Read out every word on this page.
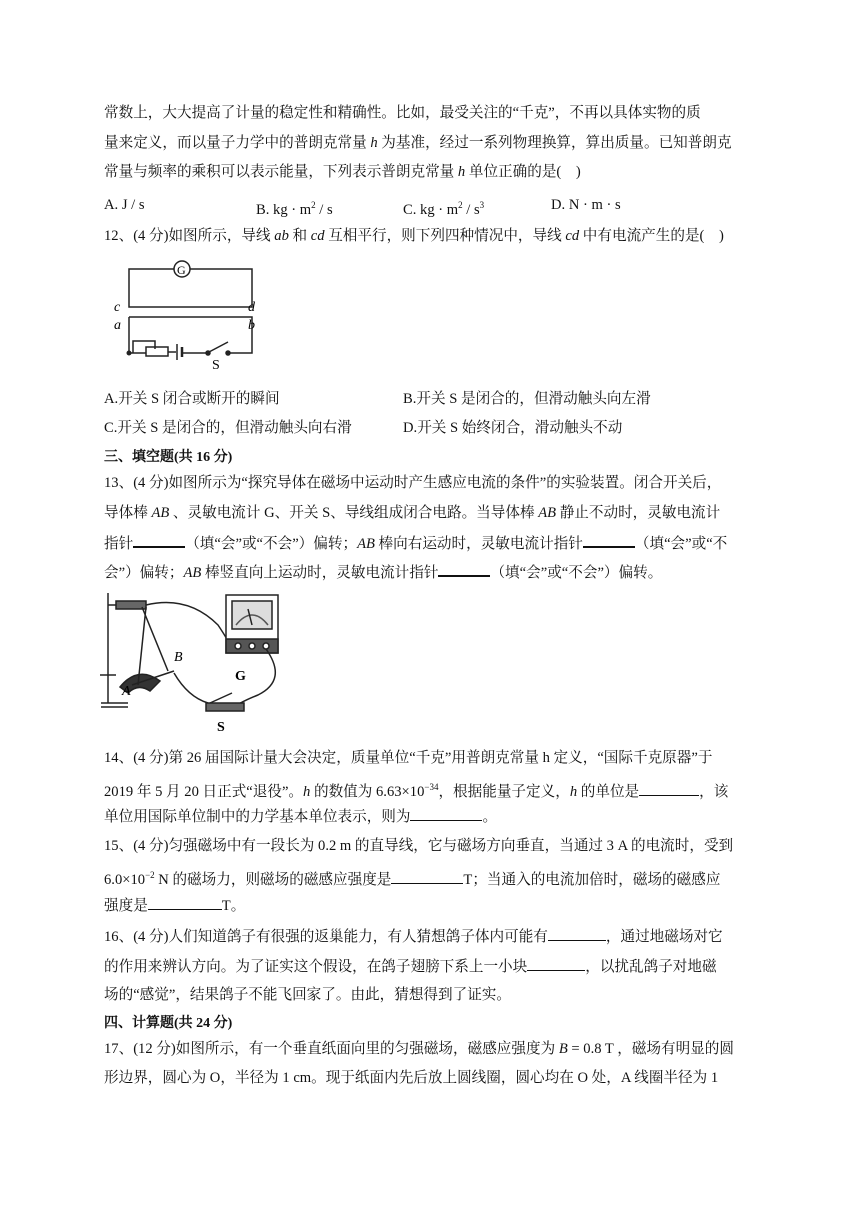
常数上，大大提高了计量的稳定性和精确性。比如，最受关注的“千克”，不再以具体实物的质
量来定义，而以量子力学中的普朗克常量 h 为基准，经过一系列物理换算，算出质量。已知普朗克
常量与频率的乘积可以表示能量，下列表示普朗克常量 h 单位正确的是(　)
A. J / s	B. kg · $m^2$ / s	C. kg · $m^2 / s^3$	D. N · m · s
12、(4 分)如图所示，导线 ab 和 cd 互相平行，则下列四种情况中，导线 cd 中有电流产生的是(　)
G
c	d
a	b
S
A.开关 S 闭合或断开的瞬间	B.开关 S 是闭合的，但滑动触头向左滑
C.开关 S 是闭合的，但滑动触头向右滑	D.开关 S 始终闭合，滑动触头不动
三、填空题(共 16 分)
13、(4 分)如图所示为“探究导体在磁场中运动时产生感应电流的条件”的实验装置。闭合开关后，
导体棒 AB 、灵敏电流计 G、开关 S、导线组成闭合电路。当导体棒 AB 静止不动时，灵敏电流计
指针	（填“会”或“不会”）偏转；AB 棒向右运动时，灵敏电流计指针	（填“会”或“不
会”）偏转；AB 棒竖直向上运动时，灵敏电流计指针	（填“会”或“不会”）偏转。
B
A
G
S
14、(4 分)第 26 届国际计量大会决定，质量单位“千克”用普朗克常量 h 定义，“国际千克原器”于
2019 年 5 月 20 日正式“退役”。h 的数值为 $6.63\times 10^{-34}$，根据能量子定义，h 的单位是	，该
单位用国际单位制中的力学基本单位表示，则为	。
15、(4 分)匀强磁场中有一段长为 0.2 m 的直导线，它与磁场方向垂直，当通过 3 A 的电流时，受到
$6.0\times 10^{-2}$ N 的磁场力，则磁场的磁感应强度是	T；当通入的电流加倍时，磁场的磁感应
强度是	T。
16、(4 分)人们知道鸽子有很强的返巢能力，有人猜想鸽子体内可能有	，通过地磁场对它
的作用来辨认方向。为了证实这个假设，在鸽子翅膀下系上一小块	，以扰乱鸽子对地磁
场的“感觉”，结果鸽子不能飞回家了。由此，猜想得到了证实。
四、计算题(共 24 分)
17、(12 分)如图所示，有一个垂直纸面向里的匀强磁场，磁感应强度为 B = 0.8 T ，磁场有明显的圆
形边界，圆心为 O，半径为 1 cm。现于纸面内先后放上圆线圈，圆心均在 O 处，A 线圈半径为 1
